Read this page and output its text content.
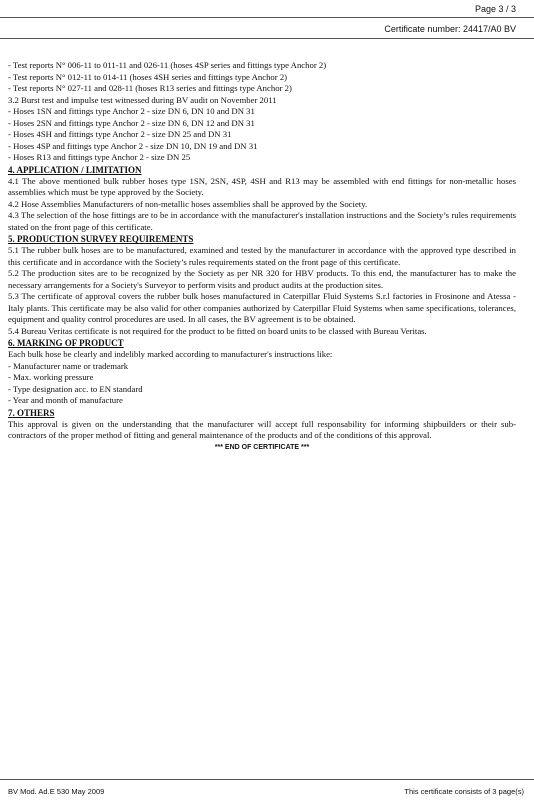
Page 3 / 3
Certificate number: 24417/A0 BV

- Test reports N° 006-11 to 011-11 and 026-11 (hoses 4SP series and fittings type Anchor 2)

- Test reports N° 012-11 to 014-11 (hoses 4SH series and fittings type Anchor 2)

- Test reports N° 027-11 and 028-11 (hoses R13 series and fittings type Anchor 2)

3.2 Burst test and impulse test witnessed during BV audit on November 2011

- Hoses 1SN and fittings type Anchor 2 - size DN 6, DN 10 and DN 31

- Hoses 2SN and fittings type Anchor 2 - size DN 6, DN 12 and DN 31

- Hoses 4SH and fittings type Anchor 2 - size DN 25 and DN 31

- Hoses 4SP and fittings type Anchor 2 - size DN 10, DN 19 and DN 31

- Hoses R13 and fittings type Anchor 2 - size DN 25

4. APPLICATION / LIMITATION

4.1 The above mentioned bulk rubber hoses type 1SN, 2SN, 4SP, 4SH and R13 may be assembled with end fittings for non-metallic hoses assemblies which must be type approved by the Society.

4.2 Hose Assemblies Manufacturers of non-metallic hoses assemblies shall be approved by the Society.

4.3 The selection of the hose fittings are to be in accordance with the manufacturer's installation instructions and the Society’s rules requirements stated on the front page of this certificate.

5. PRODUCTION SURVEY REQUIREMENTS

5.1 The rubber bulk hoses are to be manufactured, examined and tested by the manufacturer in accordance with the approved type described in this certificate and in accordance with the Society’s rules requirements stated on the front page of this certificate.

5.2 The production sites are to be recognized by the Society as per NR 320 for HBV products. To this end, the manufacturer has to make the necessary arrangements for a Society's Surveyor to perform visits and product audits at the production sites.

5.3 The certificate of approval covers the rubber bulk hoses manufactured in Caterpillar Fluid Systems S.r.l factories in Frosinone and Atessa - Italy plants. This certificate may be also valid for other companies authorized by Caterpillar Fluid Systems when same specifications, tolerances, equipment and quality control procedures are used. In all cases, the BV agreement is to be obtained.

5.4 Bureau Veritas certificate is not required for the product to be fitted on board units to be classed with Bureau Veritas.

6. MARKING OF PRODUCT

Each bulk hose be clearly and indelibly marked according to manufacturer's instructions like:

- Manufacturer name or trademark

- Max. working pressure

- Type designation acc. to EN standard

- Year and month of manufacture

7. OTHERS

This approval is given on the understanding that the manufacturer will accept full responsability for informing shipbuilders or their sub-contractors of the proper method of fitting and general maintenance of the products and of the conditions of this approval.

*** END OF CERTIFICATE ***

BV Mod. Ad.E 530 May 2009	This certificate consists of 3 page(s)
